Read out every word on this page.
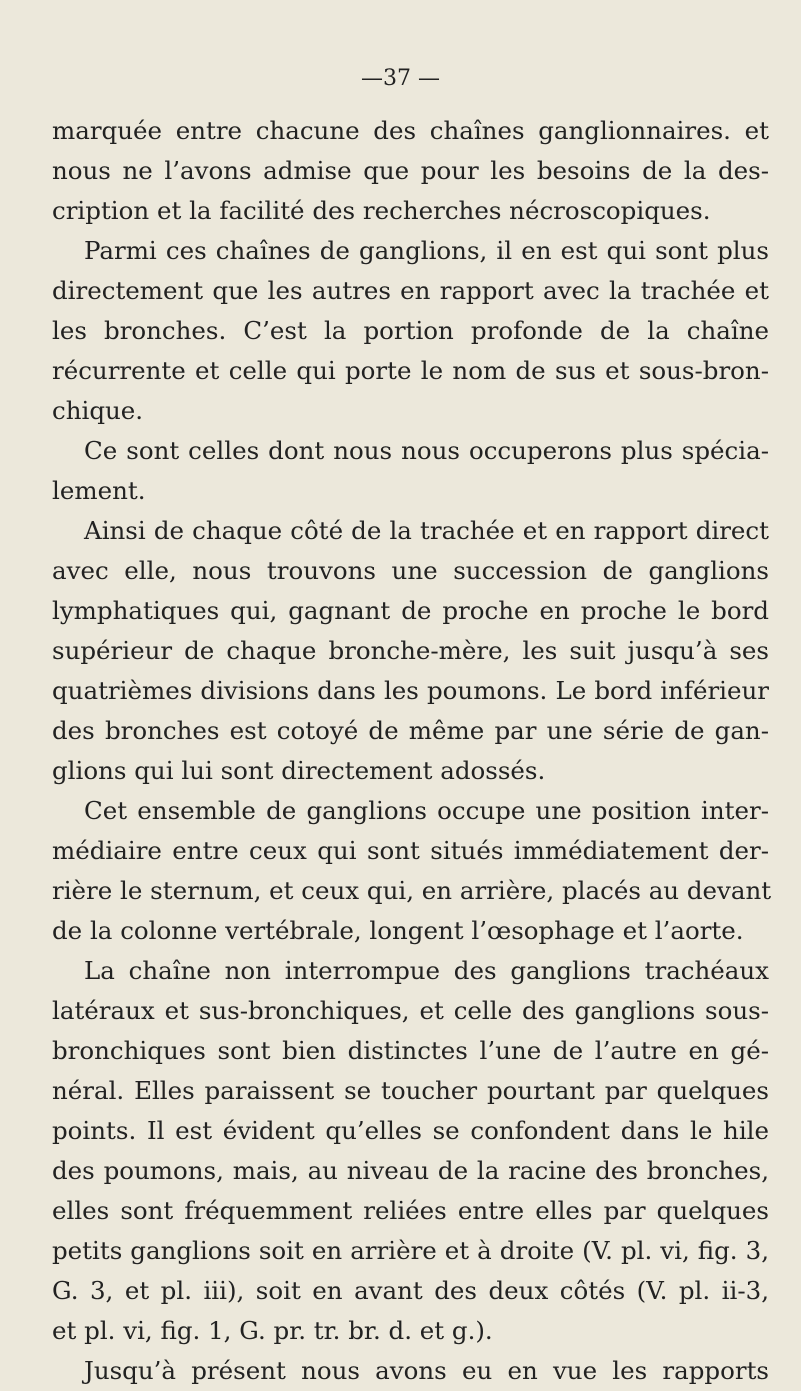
—37 —
marquée entre chacune des chaînes ganglionnaires. et
nous ne l’avons admise que pour les besoins de la des-
cription et la facilité des recherches nécroscopiques.
Parmi ces chaînes de ganglions, il en est qui sont plus
directement que les autres en rapport avec la trachée et
les bronches. C’est la portion profonde de la chaîne
récurrente et celle qui porte le nom de sus et sous-bron-
chique.
Ce sont celles dont nous nous occuperons plus spécia-
lement.
Ainsi de chaque côté de la trachée et en rapport direct
avec elle, nous trouvons une succession de ganglions
lymphatiques qui, gagnant de proche en proche le bord
supérieur de chaque bronche-mère, les suit jusqu’à ses
quatrièmes divisions dans les poumons. Le bord inférieur
des bronches est cotoyé de même par une série de gan-
glions qui lui sont directement adossés.
Cet ensemble de ganglions occupe une position inter-
médiaire entre ceux qui sont situés immédiatement der-
rière le sternum, et ceux qui, en arrière, placés au devant
de la colonne vertébrale, longent l’œsophage et l’aorte.
La chaîne non interrompue des ganglions trachéaux
latéraux et sus-bronchiques, et celle des ganglions sous-
bronchiques sont bien distinctes l’une de l’autre en gé-
néral. Elles paraissent se toucher pourtant par quelques
points. Il est évident qu’elles se confondent dans le hile
des poumons, mais, au niveau de la racine des bronches,
elles sont fréquemment reliées entre elles par quelques
petits ganglions soit en arrière et à droite (V. pl. vi, fig. 3,
G. 3, et pl. iii), soit en avant des deux côtés (V. pl. ii-3,
et pl. vi, fig. 1, G. pr. tr. br. d. et g.).
Jusqu’à présent nous avons eu en vue les rapports
